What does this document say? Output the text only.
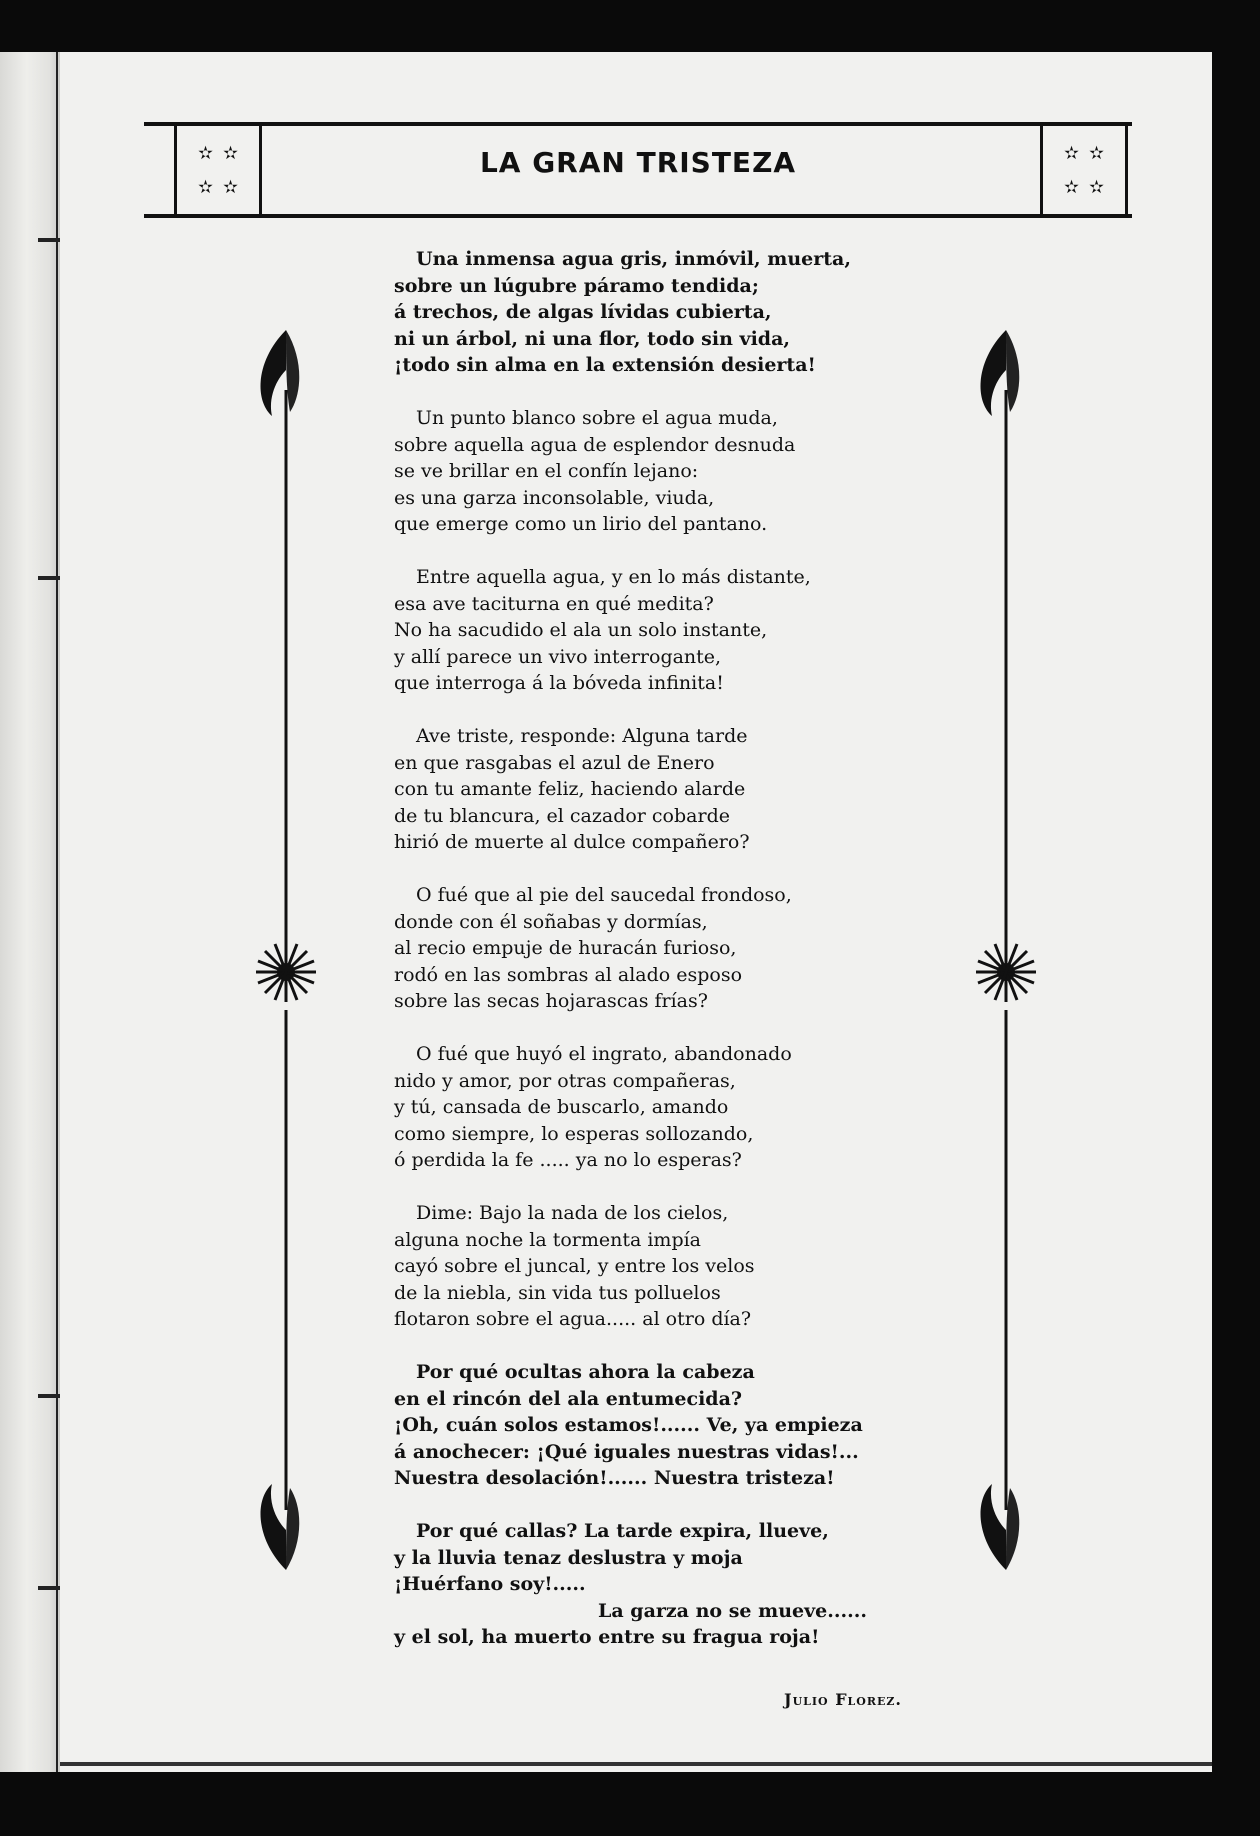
✫ ✫
✫ ✫
LA GRAN TRISTEZA	✫ ✫
✫ ✫
Una inmensa agua gris, inmóvil, muerta,
sobre un lúgubre páramo tendida;
á trechos, de algas lívidas cubierta,
ni un árbol, ni una flor, todo sin vida,
¡todo sin alma en la extensión desierta!
Un punto blanco sobre el agua muda,
sobre aquella agua de esplendor desnuda
se ve brillar en el confín lejano:
es una garza inconsolable, viuda,
que emerge como un lirio del pantano.
Entre aquella agua, y en lo más distante,
esa ave taciturna en qué medita?
No ha sacudido el ala un solo instante,
y allí parece un vivo interrogante,
que interroga á la bóveda infinita!
Ave triste, responde: Alguna tarde
en que rasgabas el azul de Enero
con tu amante feliz, haciendo alarde
de tu blancura, el cazador cobarde
hirió de muerte al dulce compañero?
O fué que al pie del saucedal frondoso,
donde con él soñabas y dormías,
al recio empuje de huracán furioso,
rodó en las sombras al alado esposo
sobre las secas hojarascas frías?
O fué que huyó el ingrato, abandonado
nido y amor, por otras compañeras,
y tú, cansada de buscarlo, amando
como siempre, lo esperas sollozando,
ó perdida la fe ..... ya no lo esperas?
Dime: Bajo la nada de los cielos,
alguna noche la tormenta impía
cayó sobre el juncal, y entre los velos
de la niebla, sin vida tus polluelos
flotaron sobre el agua..... al otro día?
Por qué ocultas ahora la cabeza
en el rincón del ala entumecida?
¡Oh, cuán solos estamos!...... Ve, ya empieza
á anochecer: ¡Qué iguales nuestras vidas!...
Nuestra desolación!...... Nuestra tristeza!
Por qué callas? La tarde expira, llueve,
y la lluvia tenaz deslustra y moja
¡Huérfano soy!.....
La garza no se mueve......
y el sol, ha muerto entre su fragua roja!
Julio Florez.
